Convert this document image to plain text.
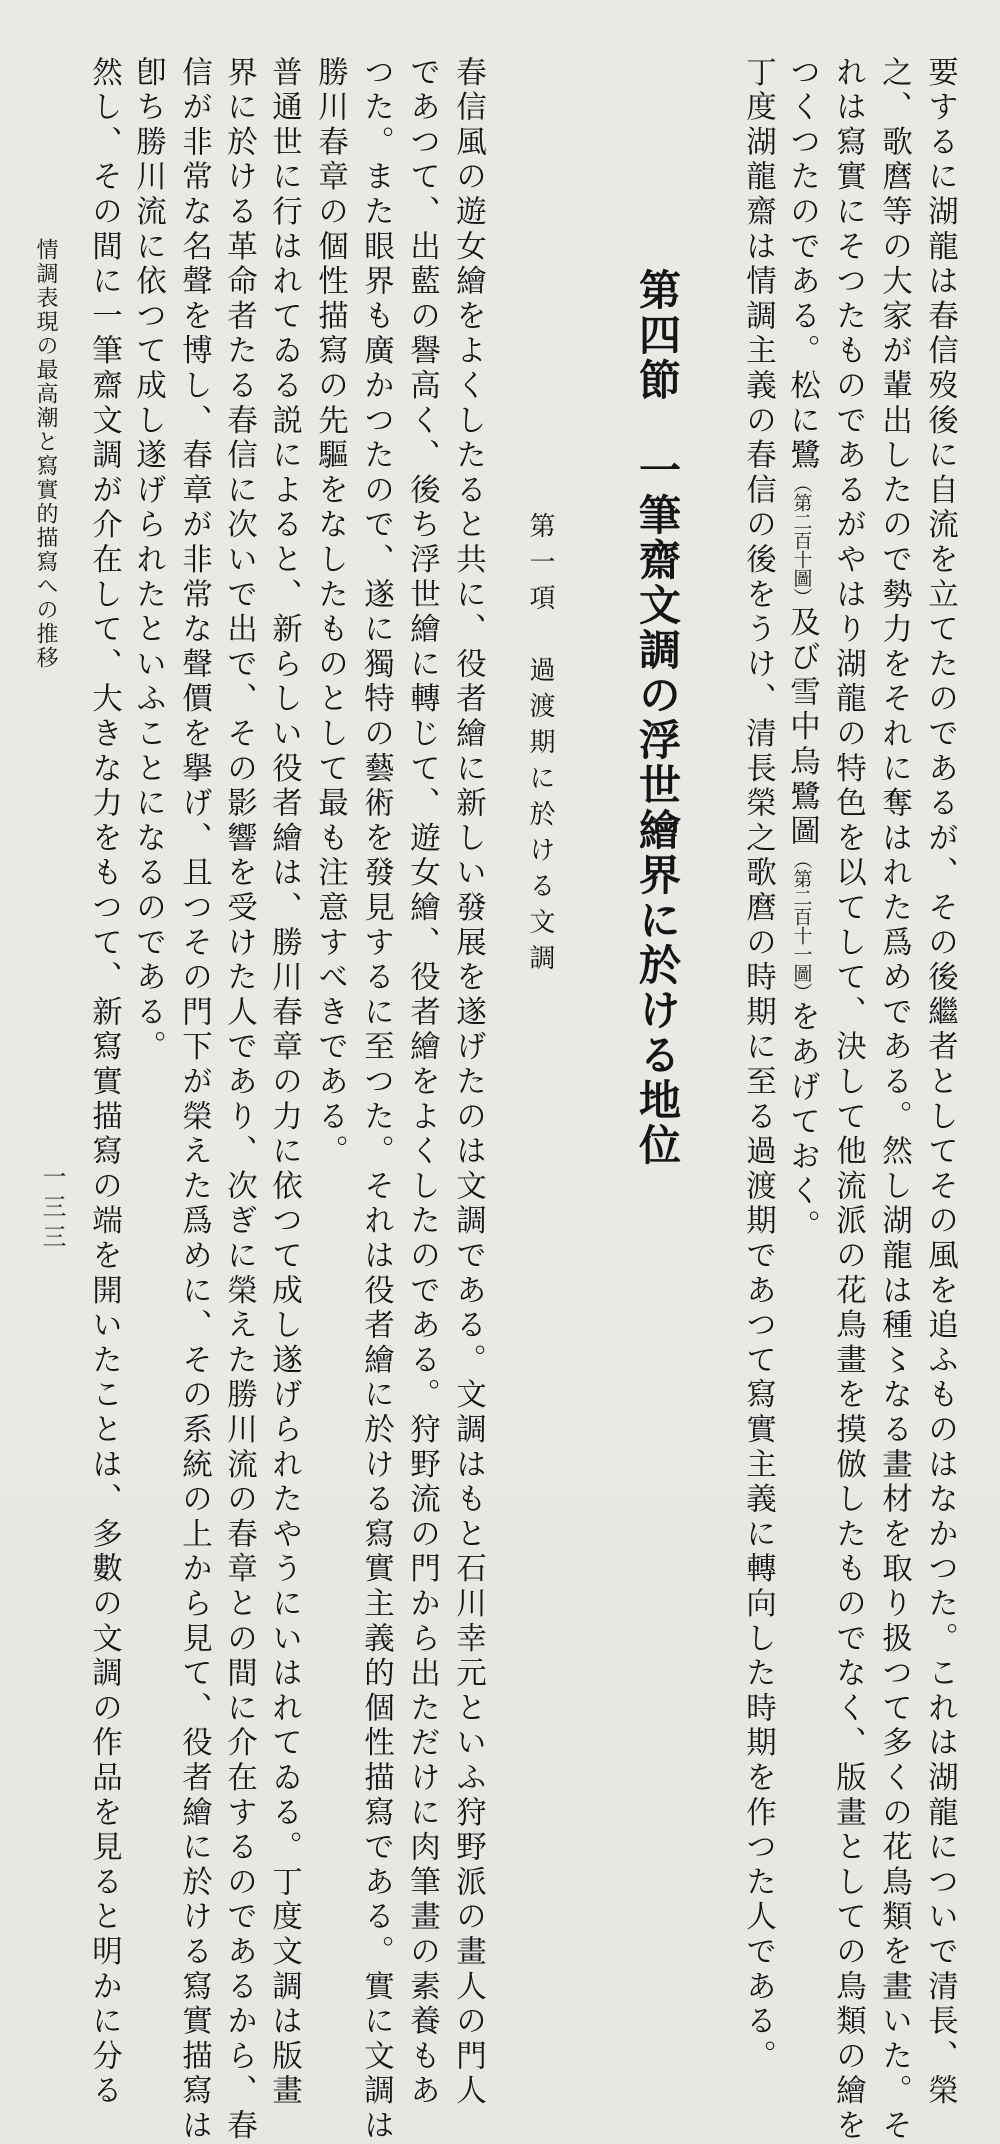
要するに湖龍は春信歿後に自流を立てたのであるが、その後繼者としてその風を追ふものはなかつた。これは湖龍についで清長、榮
之、歌麿等の大家が輩出したので勢力をそれに奪はれた爲めである。然し湖龍は種〻なる畫材を取り扱つて多くの花鳥類を畫いた。そ
れは寫實にそつたものであるがやはり湖龍の特色を以てして、決して他流派の花鳥畫を摸倣したものでなく、版畫としての鳥類の繪を
つくつたのである。松に鷺（第二百十圖）及び雪中烏鷺圖（第二百十一圖）をあげておく。
丁度湖龍齋は情調主義の春信の後をうけ、清長榮之歌麿の時期に至る過渡期であつて寫實主義に轉向した時期を作つた人である。
第四節　一筆齋文調の浮世繪界に於ける地位
第一項　過渡期に於ける文調
春信風の遊女繪をよくしたると共に、役者繪に新しい發展を遂げたのは文調である。文調はもと石川幸元といふ狩野派の畫人の門人
であつて、出藍の譽高く、後ち浮世繪に轉じて、遊女繪、役者繪をよくしたのである。狩野流の門から出ただけに肉筆畫の素養もあ
つた。また眼界も廣かつたので、遂に獨特の藝術を發見するに至つた。それは役者繪に於ける寫實主義的個性描寫である。實に文調は
勝川春章の個性描寫の先驅をなしたものとして最も注意すべきである。
普通世に行はれてゐる説によると、新らしい役者繪は、勝川春章の力に依つて成し遂げられたやうにいはれてゐる。丁度文調は版畫
界に於ける革命者たる春信に次いで出で、その影響を受けた人であり、次ぎに榮えた勝川流の春章との間に介在するのであるから、春
信が非常な名聲を博し、春章が非常な聲價を擧げ、且つその門下が榮えた爲めに、その系統の上から見て、役者繪に於ける寫實描寫は
卽ち勝川流に依つて成し遂げられたといふことになるのである。
然し、その間に一筆齋文調が介在して、大きな力をもつて、新寫實描寫の端を開いたことは、多數の文調の作品を見ると明かに分る
情調表現の最高潮と寫實的描寫への推移
一三三
